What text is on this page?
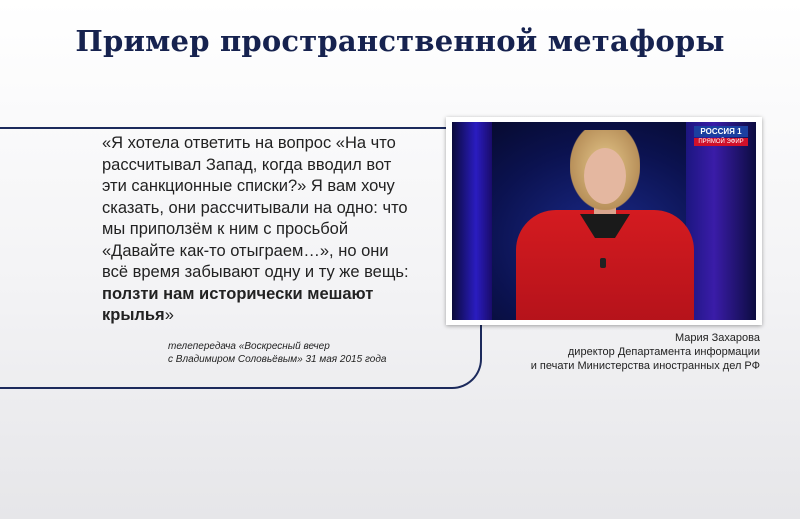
Пример пространственной метафоры
«Я хотела ответить на вопрос «На что рассчитывал Запад, когда вводил вот эти санкционные списки?» Я вам хочу сказать, они рассчитывали на одно: что мы приползём к ним с просьбой «Давайте как-то отыграем…», но они всё время забывают одну и ту же вещь: ползти нам исторически мешают крылья»
телепередача «Воскресный вечер
с Владимиром Соловьёвым» 31 мая 2015 года
РОССИЯ 1
ПРЯМОЙ ЭФИР
Мария Захарова
директор Департамента информации
и печати Министерства иностранных дел РФ
